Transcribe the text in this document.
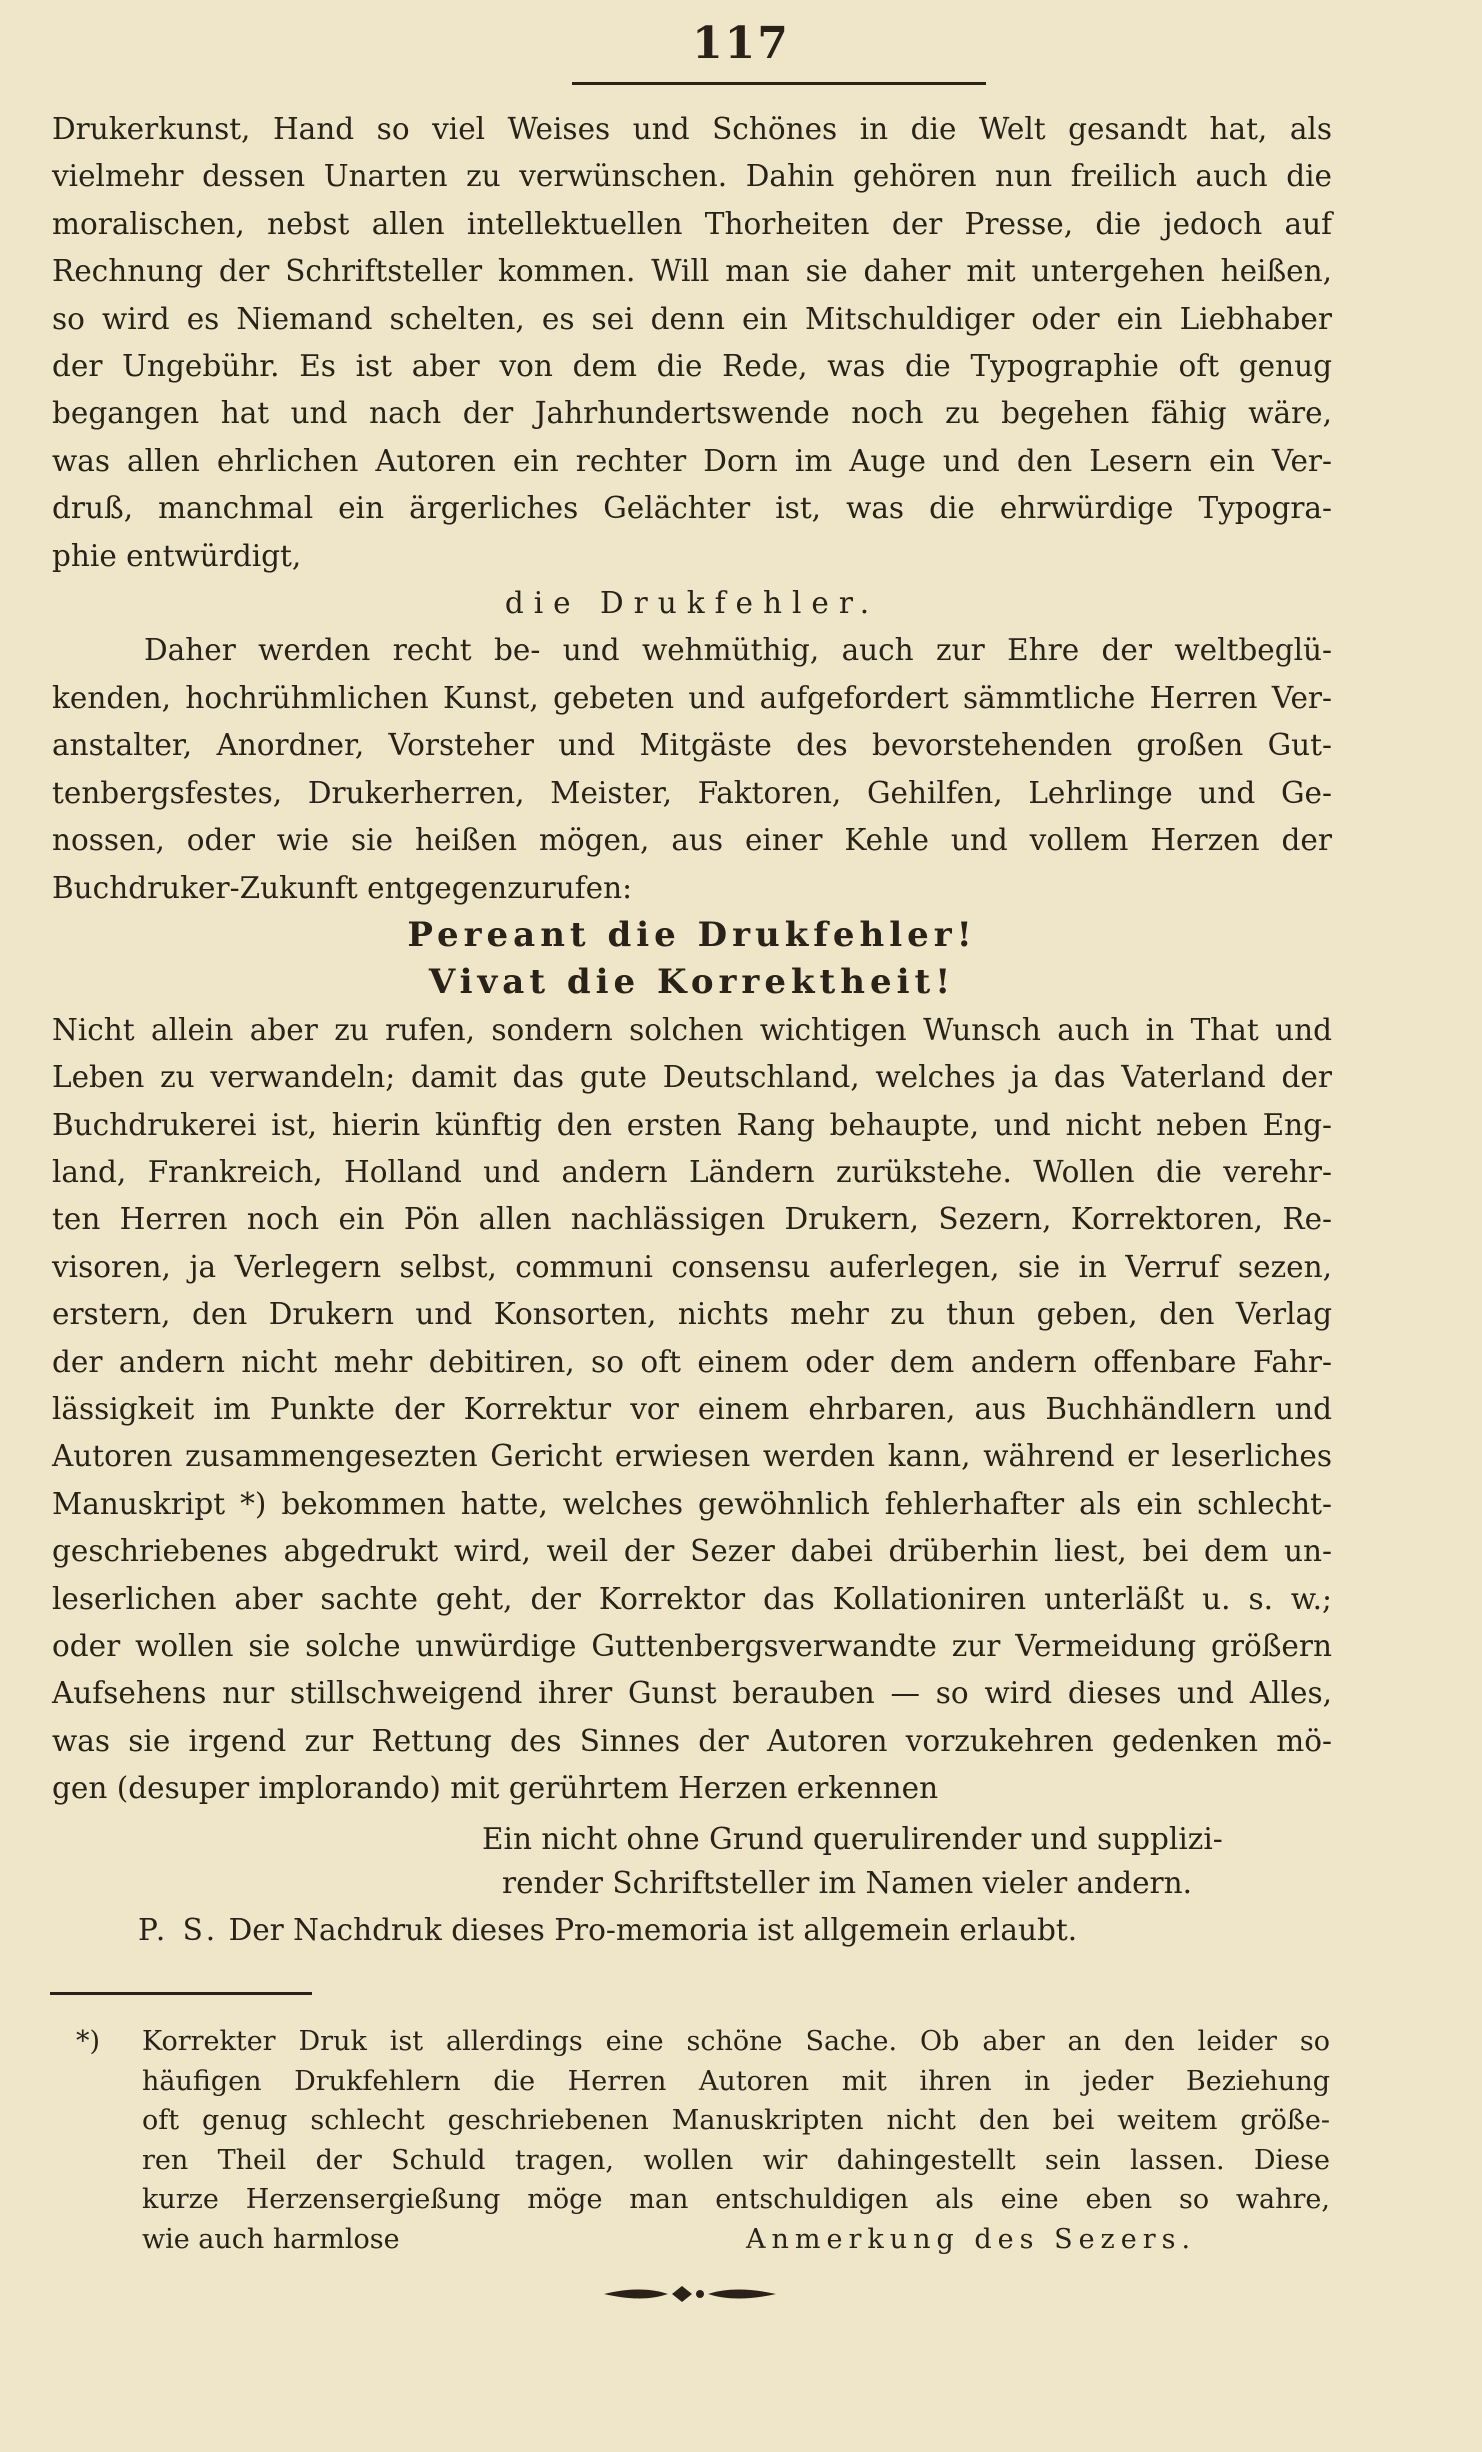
117
Drukerkunst, Hand so viel Weises und Schönes in die Welt gesandt hat, als
vielmehr dessen Unarten zu verwünschen. Dahin gehören nun freilich auch die
moralischen, nebst allen intellektuellen Thorheiten der Presse, die jedoch auf
Rechnung der Schriftsteller kommen. Will man sie daher mit untergehen heißen,
so wird es Niemand schelten, es sei denn ein Mitschuldiger oder ein Liebhaber
der Ungebühr. Es ist aber von dem die Rede, was die Typographie oft genug
begangen hat und nach der Jahrhundertswende noch zu begehen fähig wäre,
was allen ehrlichen Autoren ein rechter Dorn im Auge und den Lesern ein Ver-
druß, manchmal ein ärgerliches Gelächter ist, was die ehrwürdige Typogra-
phie entwürdigt,
die Drukfehler.
Daher werden recht be- und wehmüthig, auch zur Ehre der weltbeglü-
kenden, hochrühmlichen Kunst, gebeten und aufgefordert sämmtliche Herren Ver-
anstalter, Anordner, Vorsteher und Mitgäste des bevorstehenden großen Gut-
tenbergsfestes, Drukerherren, Meister, Faktoren, Gehilfen, Lehrlinge und Ge-
nossen, oder wie sie heißen mögen, aus einer Kehle und vollem Herzen der
Buchdruker-Zukunft entgegenzurufen:
Pereant die Drukfehler!
Vivat die Korrektheit!
Nicht allein aber zu rufen, sondern solchen wichtigen Wunsch auch in That und
Leben zu verwandeln; damit das gute Deutschland, welches ja das Vaterland der
Buchdrukerei ist, hierin künftig den ersten Rang behaupte, und nicht neben Eng-
land, Frankreich, Holland und andern Ländern zurükstehe. Wollen die verehr-
ten Herren noch ein Pön allen nachlässigen Drukern, Sezern, Korrektoren, Re-
visoren, ja Verlegern selbst, communi consensu auferlegen, sie in Verruf sezen,
erstern, den Drukern und Konsorten, nichts mehr zu thun geben, den Verlag
der andern nicht mehr debitiren, so oft einem oder dem andern offenbare Fahr-
lässigkeit im Punkte der Korrektur vor einem ehrbaren, aus Buchhändlern und
Autoren zusammengesezten Gericht erwiesen werden kann, während er leserliches
Manuskript *) bekommen hatte, welches gewöhnlich fehlerhafter als ein schlecht-
geschriebenes abgedrukt wird, weil der Sezer dabei drüberhin liest, bei dem un-
leserlichen aber sachte geht, der Korrektor das Kollationiren unterläßt u. s. w.;
oder wollen sie solche unwürdige Guttenbergsverwandte zur Vermeidung größern
Aufsehens nur stillschweigend ihrer Gunst berauben — so wird dieses und Alles,
was sie irgend zur Rettung des Sinnes der Autoren vorzukehren gedenken mö-
gen (desuper implorando) mit gerührtem Herzen erkennen
Ein nicht ohne Grund querulirender und supplizi-
render Schriftsteller im Namen vieler andern.
P. S. Der Nachdruk dieses Pro-memoria ist allgemein erlaubt.
*) Korrekter Druk ist allerdings eine schöne Sache. Ob aber an den leider so
häufigen Drukfehlern die Herren Autoren mit ihren in jeder Beziehung
oft genug schlecht geschriebenen Manuskripten nicht den bei weitem größe-
ren Theil der Schuld tragen, wollen wir dahingestellt sein lassen. Diese
kurze Herzensergießung möge man entschuldigen als eine eben so wahre,
wie auch harmlose	Anmerkung des Sezers.
